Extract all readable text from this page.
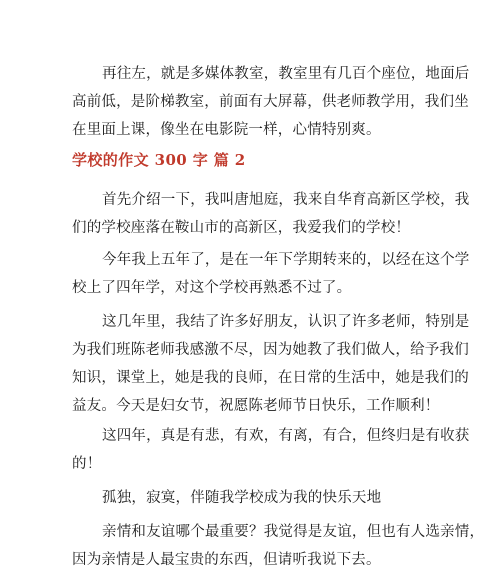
再往左，就是多媒体教室，教室里有几百个座位，地面后
高前低，是阶梯教室，前面有大屏幕，供老师教学用，我们坐
在里面上课，像坐在电影院一样，心情特别爽。
学校的作文 300 字 篇 2
首先介绍一下，我叫唐旭庭，我来自华育高新区学校，我
们的学校座落在鞍山市的高新区，我爱我们的学校！
今年我上五年了，是在一年下学期转来的，以经在这个学
校上了四年学，对这个学校再熟悉不过了。
这几年里，我结了许多好朋友，认识了许多老师，特别是
为我们班陈老师我感激不尽，因为她教了我们做人，给予我们
知识，课堂上，她是我的良师，在日常的生活中，她是我们的
益友。今天是妇女节，祝愿陈老师节日快乐，工作顺利！
这四年，真是有悲，有欢，有离，有合，但终归是有收获
的！
孤独，寂寞，伴随我学校成为我的快乐天地
亲情和友谊哪个最重要？我觉得是友谊，但也有人选亲情，
因为亲情是人最宝贵的东西，但请听我说下去。
